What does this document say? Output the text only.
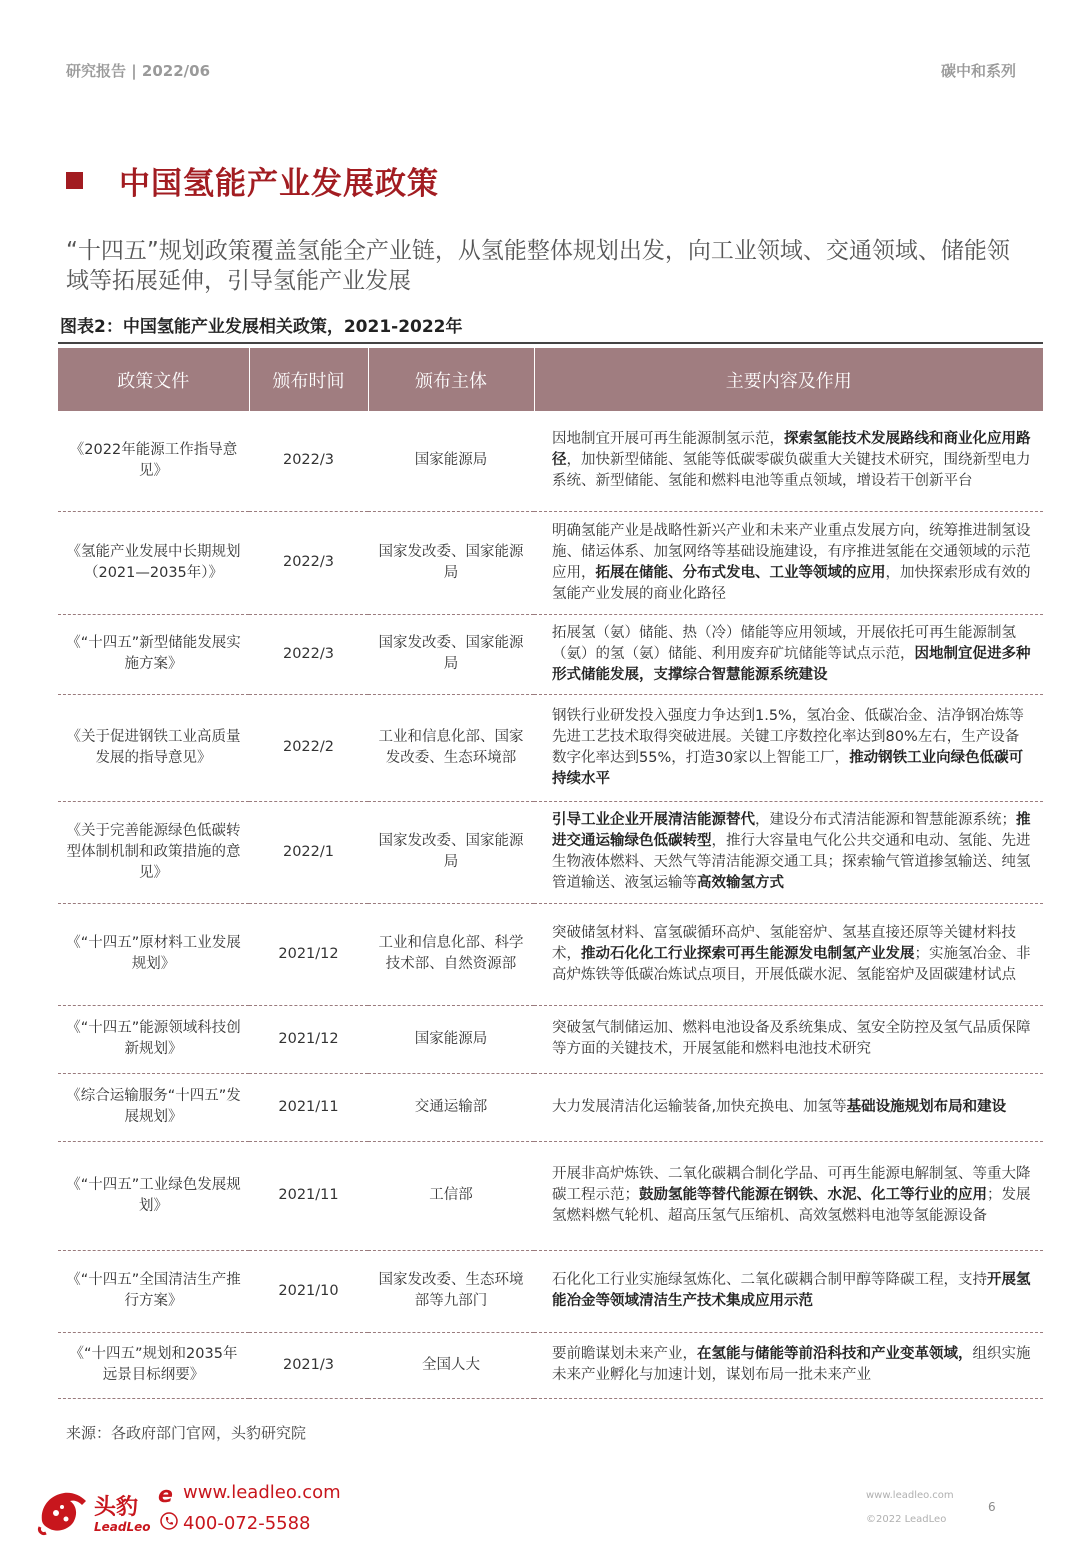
研究报告 | 2022/06	碳中和系列
中国氢能产业发展政策
“十四五”规划政策覆盖氢能全产业链，从氢能整体规划出发，向工业领域、交通领域、储能领域等拓展延伸，引导氢能产业发展
图表2：中国氢能产业发展相关政策，2021-2022年
政策文件	颁布时间	颁布主体	主要内容及作用
《2022年能源工作指导意见》	2022/3	国家能源局	因地制宜开展可再生能源制氢示范，探索氢能技术发展路线和商业化应用路径，加快新型储能、氢能等低碳零碳负碳重大关键技术研究，围绕新型电力系统、新型储能、氢能和燃料电池等重点领域，增设若干创新平台
《氢能产业发展中长期规划（2021—2035年）》	2022/3	国家发改委、国家能源局	明确氢能产业是战略性新兴产业和未来产业重点发展方向，统筹推进制氢设施、储运体系、加氢网络等基础设施建设，有序推进氢能在交通领域的示范应用，拓展在储能、分布式发电、工业等领域的应用，加快探索形成有效的氢能产业发展的商业化路径
《“十四五”新型储能发展实施方案》	2022/3	国家发改委、国家能源局	拓展氢（氨）储能、热（冷）储能等应用领域，开展依托可再生能源制氢（氨）的氢（氨）储能、利用废弃矿坑储能等试点示范，因地制宜促进多种形式储能发展，支撑综合智慧能源系统建设
《关于促进钢铁工业高质量发展的指导意见》	2022/2	工业和信息化部、国家发改委、生态环境部	钢铁行业研发投入强度力争达到1.5%，氢冶金、低碳冶金、洁净钢冶炼等先进工艺技术取得突破进展。关键工序数控化率达到80%左右，生产设备数字化率达到55%，打造30家以上智能工厂，推动钢铁工业向绿色低碳可持续水平
《关于完善能源绿色低碳转型体制机制和政策措施的意见》	2022/1	国家发改委、国家能源局	引导工业企业开展清洁能源替代，建设分布式清洁能源和智慧能源系统；推进交通运输绿色低碳转型，推行大容量电气化公共交通和电动、氢能、先进生物液体燃料、天然气等清洁能源交通工具；探索输气管道掺氢输送、纯氢管道输送、液氢运输等高效输氢方式
《“十四五”原材料工业发展规划》	2021/12	工业和信息化部、科学技术部、自然资源部	突破储氢材料、富氢碳循环高炉、氢能窑炉、氢基直接还原等关键材料技术，推动石化化工行业探索可再生能源发电制氢产业发展；实施氢冶金、非高炉炼铁等低碳冶炼试点项目，开展低碳水泥、氢能窑炉及固碳建材试点
《“十四五”能源领域科技创新规划》	2021/12	国家能源局	突破氢气制储运加、燃料电池设备及系统集成、氢安全防控及氢气品质保障等方面的关键技术，开展氢能和燃料电池技术研究
《综合运输服务“十四五”发展规划》	2021/11	交通运输部	大力发展清洁化运输装备,加快充换电、加氢等基础设施规划布局和建设
《“十四五”工业绿色发展规划》	2021/11	工信部	开展非高炉炼铁、二氧化碳耦合制化学品、可再生能源电解制氢、等重大降碳工程示范；鼓励氢能等替代能源在钢铁、水泥、化工等行业的应用；发展氢燃料燃气轮机、超高压氢气压缩机、高效氢燃料电池等氢能源设备
《“十四五”全国清洁生产推行方案》	2021/10	国家发改委、生态环境部等九部门	石化化工行业实施绿氢炼化、二氧化碳耦合制甲醇等降碳工程，支持开展氢能冶金等领域清洁生产技术集成应用示范
《“十四五”规划和2035年远景目标纲要》	2021/3	全国人大	要前瞻谋划未来产业，在氢能与储能等前沿科技和产业变革领域，组织实施未来产业孵化与加速计划，谋划布局一批未来产业
来源：各政府部门官网，头豹研究院
头豹
LeadLeo
e www.leadleo.com
400-072-5588
www.leadleo.com
©2022 LeadLeo
6
